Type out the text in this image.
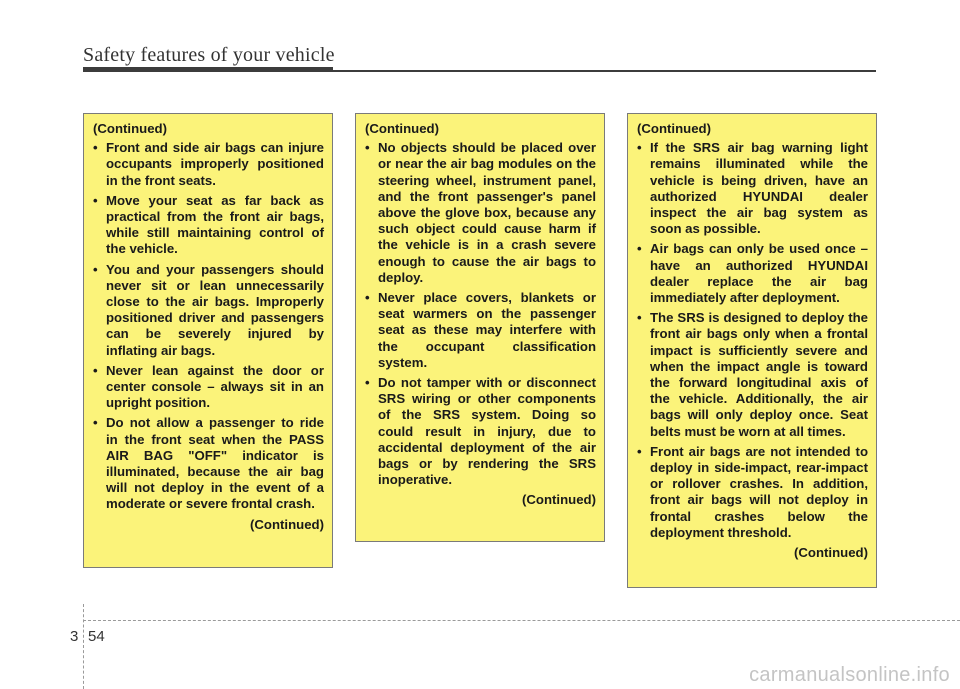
Safety features of your vehicle
(Continued)
• Front and side air bags can injure occupants improperly positioned in the front seats.
• Move your seat as far back as practical from the front air bags, while still maintaining control of the vehicle.
• You and your passengers should never sit or lean unnecessarily close to the air bags. Improperly positioned driver and passengers can be severely injured by inflating air bags.
• Never lean against the door or center console – always sit in an upright position.
• Do not allow a passenger to ride in the front seat when the PASS AIR BAG "OFF" indicator is illuminated, because the air bag will not deploy in the event of a moderate or severe frontal crash.
(Continued)
(Continued)
• No objects should be placed over or near the air bag modules on the steering wheel, instrument panel, and the front passenger's panel above the glove box, because any such object could cause harm if the vehicle is in a crash severe enough to cause the air bags to deploy.
• Never place covers, blankets or seat warmers on the passenger seat as these may interfere with the occupant classification system.
• Do not tamper with or disconnect SRS wiring or other components of the SRS system. Doing so could result in injury, due to accidental deployment of the air bags or by rendering the SRS inoperative.
(Continued)
(Continued)
• If the SRS air bag warning light remains illuminated while the vehicle is being driven, have an authorized HYUNDAI dealer inspect the air bag system as soon as possible.
• Air bags can only be used once – have an authorized HYUNDAI dealer replace the air bag immediately after deployment.
• The SRS is designed to deploy the front air bags only when a frontal impact is sufficiently severe and when the impact angle is toward the forward longitudinal axis of the vehicle. Additionally, the air bags will only deploy once. Seat belts must be worn at all times.
• Front air bags are not intended to deploy in side-impact, rear-impact or rollover crashes. In addition, front air bags will not deploy in frontal crashes below the deployment threshold.
(Continued)
3 54
carmanualsonline.info
